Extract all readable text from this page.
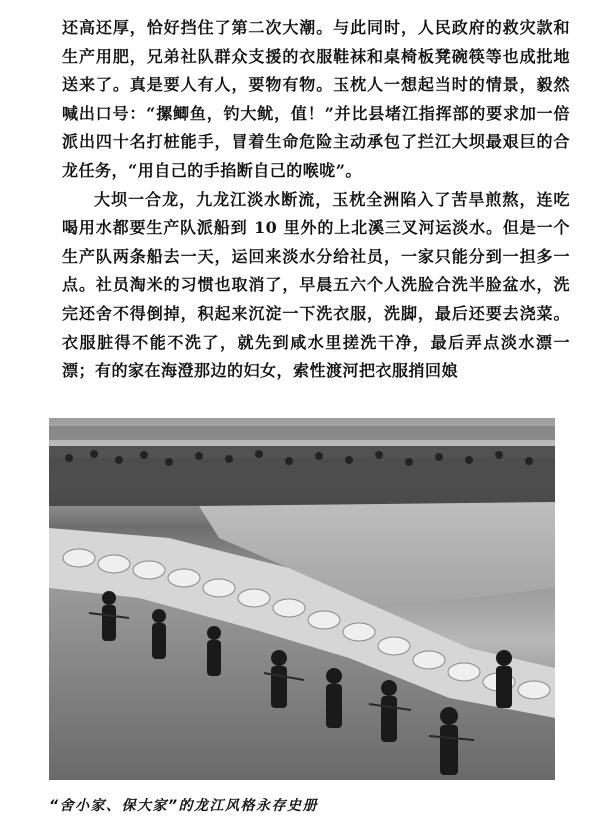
还高还厚，恰好挡住了第二次大潮。与此同时，人民政府的救灾款和生产用肥，兄弟社队群众支援的衣服鞋袜和桌椅板凳碗筷等也成批地送来了。真是要人有人，要物有物。玉枕人一想起当时的情景，毅然喊出口号：“摞鲫鱼，钓大鱿，值！”并比县堵江指挥部的要求加一倍派出四十名打桩能手，冒着生命危险主动承包了拦江大坝最艰巨的合龙任务，“用自己的手掐断自己的喉咙”。

大坝一合龙，九龙江淡水断流，玉枕全洲陷入了苦旱煎熬，连吃喝用水都要生产队派船到 10 里外的上北溪三叉河运淡水。但是一个生产队两条船去一天，运回来淡水分给社员，一家只能分到一担多一点。社员淘米的习惯也取消了，早晨五六个人洗脸合洗半脸盆水，洗完还舍不得倒掉，积起来沉淀一下洗衣服，洗脚，最后还要去浇菜。衣服脏得不能不洗了，就先到咸水里搓洗干净，最后弄点淡水漂一漂；有的家在海澄那边的妇女，索性渡河把衣服捎回娘

“舍小家、保大家”的龙江风格永存史册
